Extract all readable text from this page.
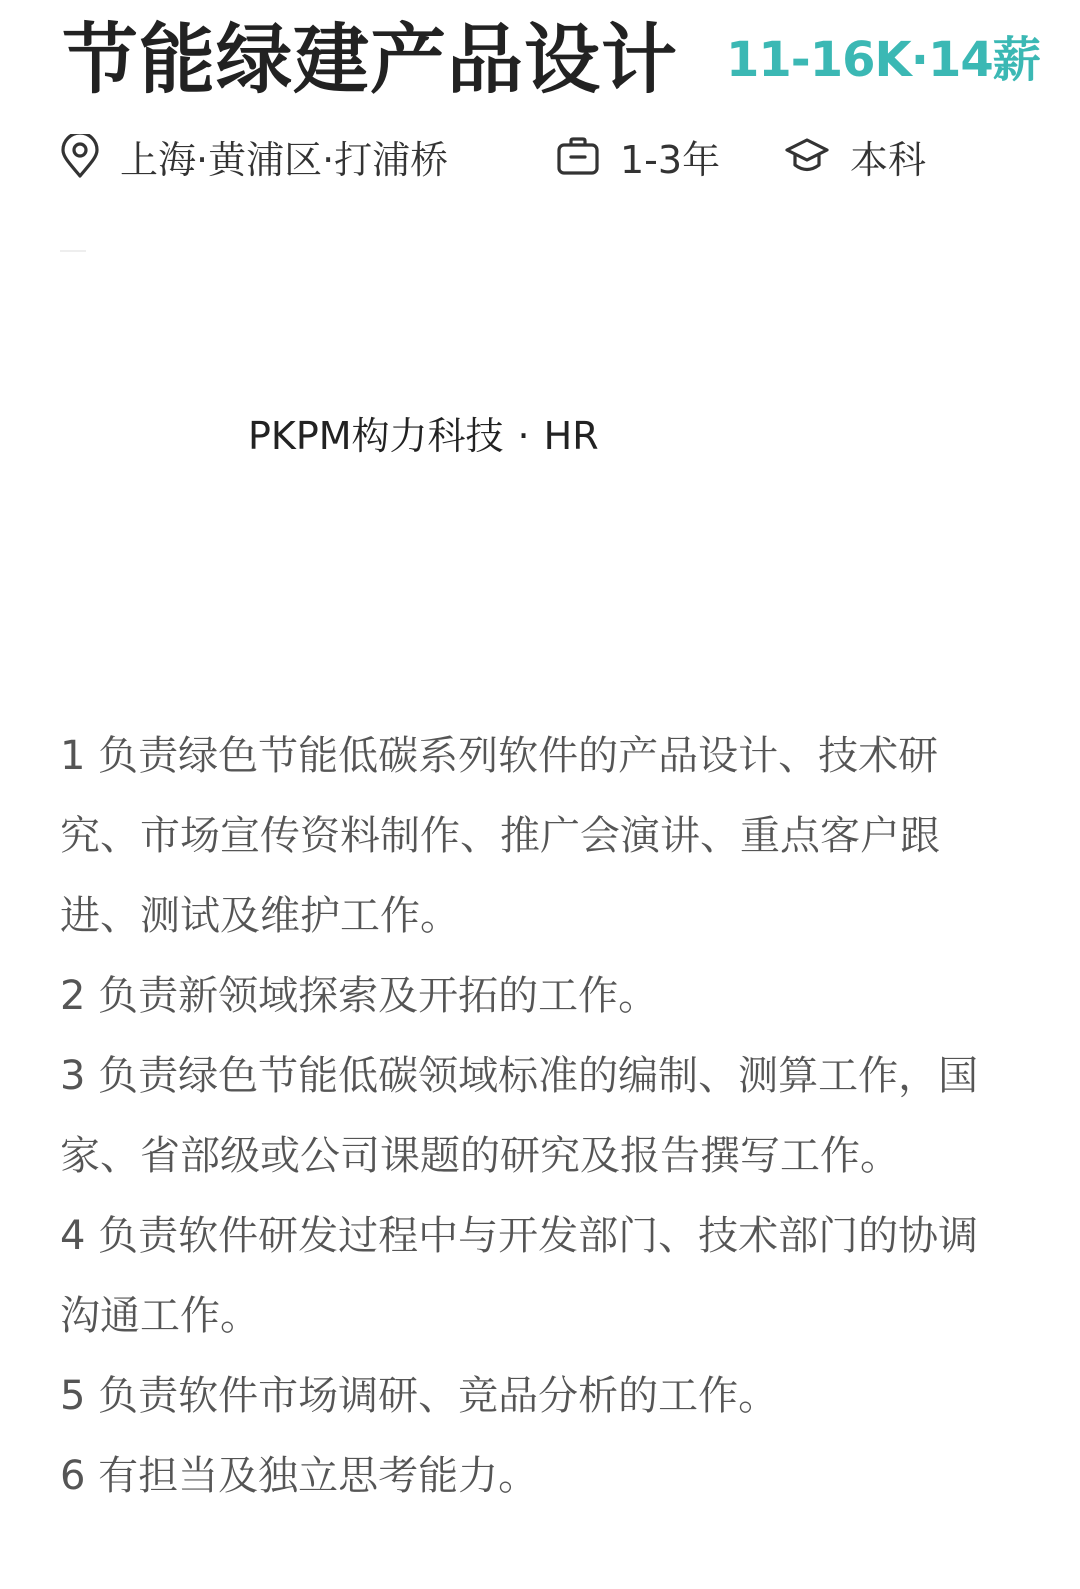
节能绿建产品设计 11-16K·14薪
上海·黄浦区·打浦桥	1-3年	本科
PKPM构力科技 · HR

1 负责绿色节能低碳系列软件的产品设计、技术研究、市场宣传资料制作、推广会演讲、重点客户跟进、测试及维护工作。

2 负责新领域探索及开拓的工作。

3 负责绿色节能低碳领域标准的编制、测算工作，国家、省部级或公司课题的研究及报告撰写工作。

4 负责软件研发过程中与开发部门、技术部门的协调沟通工作。

5 负责软件市场调研、竞品分析的工作。

6 有担当及独立思考能力。
